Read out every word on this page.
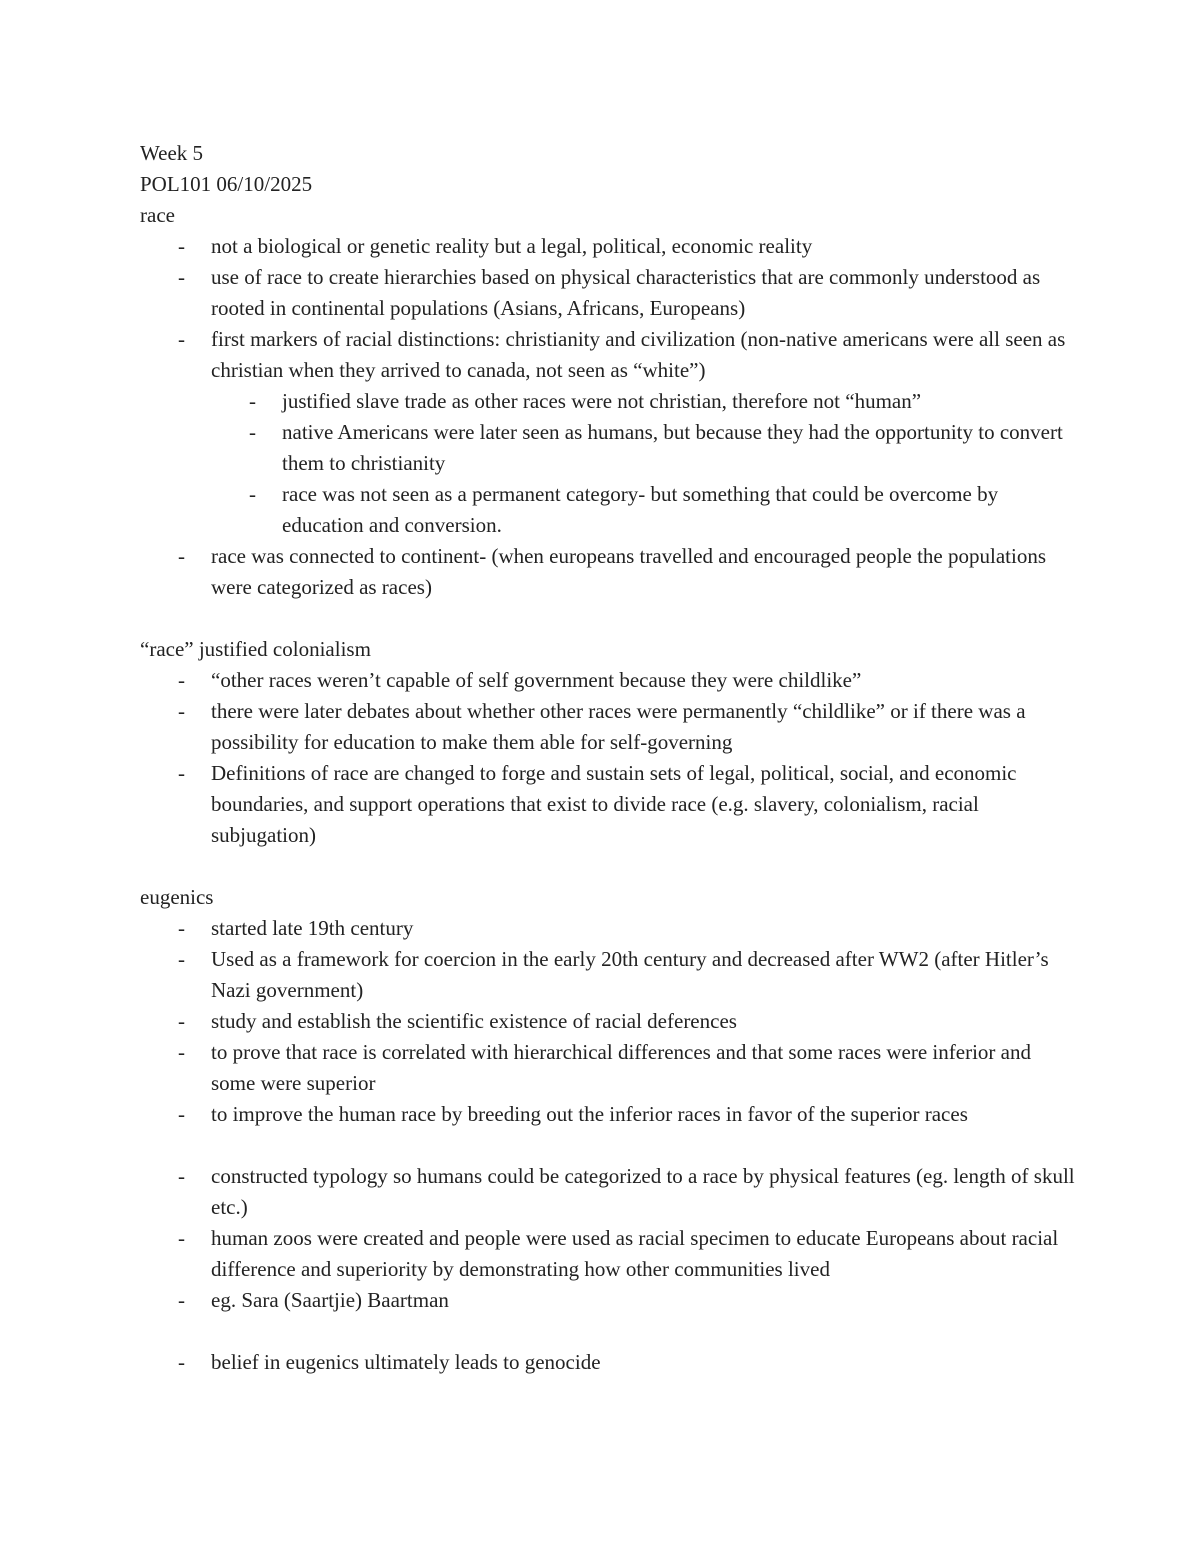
Week 5
POL101 06/10/2025
race
- not a biological or genetic reality but a legal, political, economic reality
- use of race to create hierarchies based on physical characteristics that are commonly understood as rooted in continental populations (Asians, Africans, Europeans)
- first markers of racial distinctions: christianity and civilization (non-native americans were all seen as christian when they arrived to canada, not seen as “white”)
- justified slave trade as other races were not christian, therefore not “human”
- native Americans were later seen as humans, but because they had the opportunity to convert them to christianity
- race was not seen as a permanent category- but something that could be overcome by education and conversion.
- race was connected to continent- (when europeans travelled and encouraged people the populations were categorized as races)
“race” justified colonialism
- “other races weren’t capable of self government because they were childlike”
- there were later debates about whether other races were permanently “childlike” or if there was a possibility for education to make them able for self-governing
- Definitions of race are changed to forge and sustain sets of legal, political, social, and economic boundaries, and support operations that exist to divide race (e.g. slavery, colonialism, racial subjugation)
eugenics
- started late 19th century
- Used as a framework for coercion in the early 20th century and decreased after WW2 (after Hitler’s Nazi government)
- study and establish the scientific existence of racial deferences
- to prove that race is correlated with hierarchical differences and that some races were inferior and some were superior
- to improve the human race by breeding out the inferior races in favor of the superior races
- constructed typology so humans could be categorized to a race by physical features (eg. length of skull etc.)
- human zoos were created and people were used as racial specimen to educate Europeans about racial difference and superiority by demonstrating how other communities lived
- eg. Sara (Saartjie) Baartman
- belief in eugenics ultimately leads to genocide
